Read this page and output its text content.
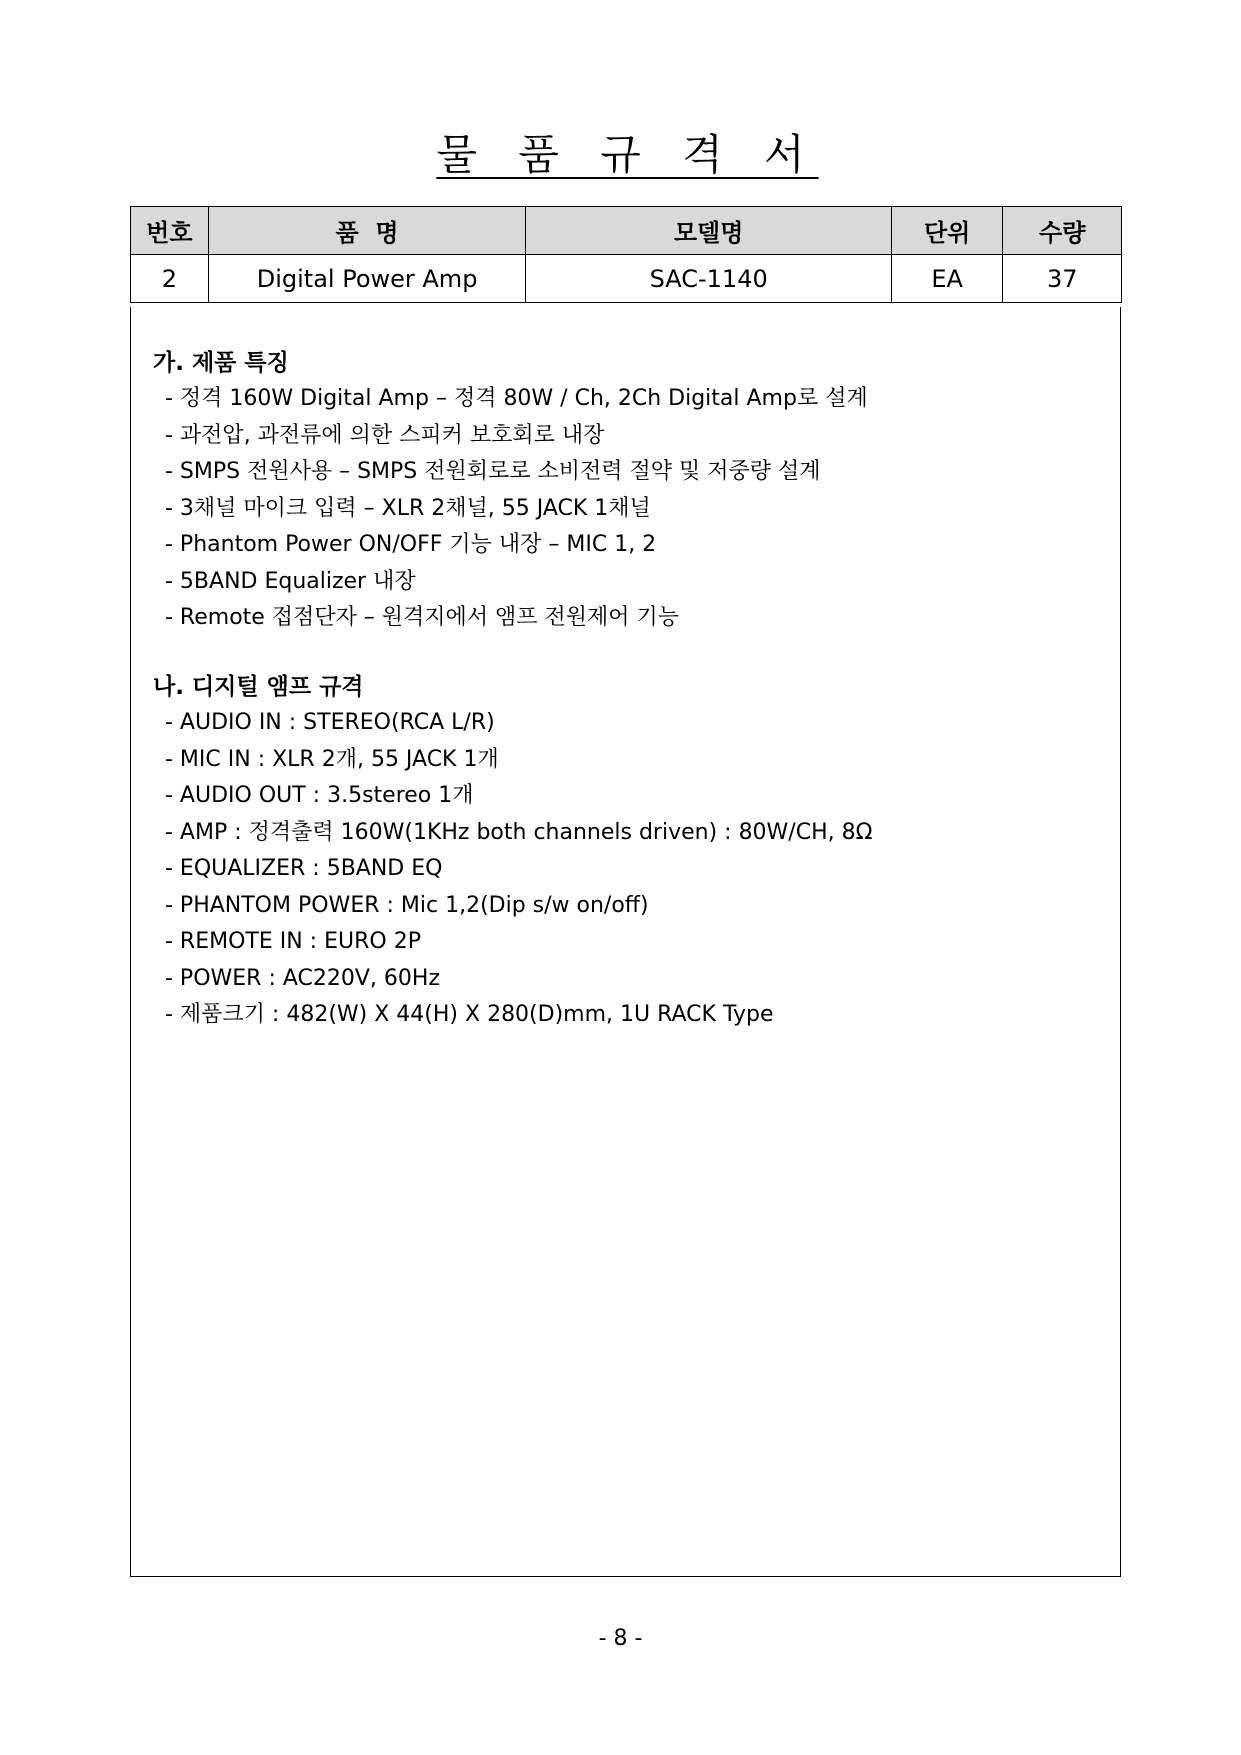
물 품 규 격 서
번호	품  명	모델명	단위	수량
2	Digital Power Amp	SAC-1140	EA	37

가. 제품 특징

- 정격 160W Digital Amp – 정격 80W / Ch, 2Ch Digital Amp로 설계
- 과전압, 과전류에 의한 스피커 보호회로 내장
- SMPS 전원사용 – SMPS 전원회로로 소비전력 절약 및 저중량 설계
- 3채널 마이크 입력 – XLR 2채널, 55 JACK 1채널
- Phantom Power ON/OFF 기능 내장 – MIC 1, 2
- 5BAND Equalizer 내장
- Remote 접점단자 – 원격지에서 앰프 전원제어 기능

나. 디지털 앰프 규격

- AUDIO IN : STEREO(RCA L/R)
- MIC IN : XLR 2개, 55 JACK 1개
- AUDIO OUT : 3.5stereo 1개
- AMP : 정격출력 160W(1KHz both channels driven) : 80W/CH, 8Ω
- EQUALIZER : 5BAND EQ
- PHANTOM POWER : Mic 1,2(Dip s/w on/off)
- REMOTE IN : EURO 2P
- POWER : AC220V, 60Hz
- 제품크기 : 482(W) X 44(H) X 280(D)mm, 1U RACK Type
- 8 -
